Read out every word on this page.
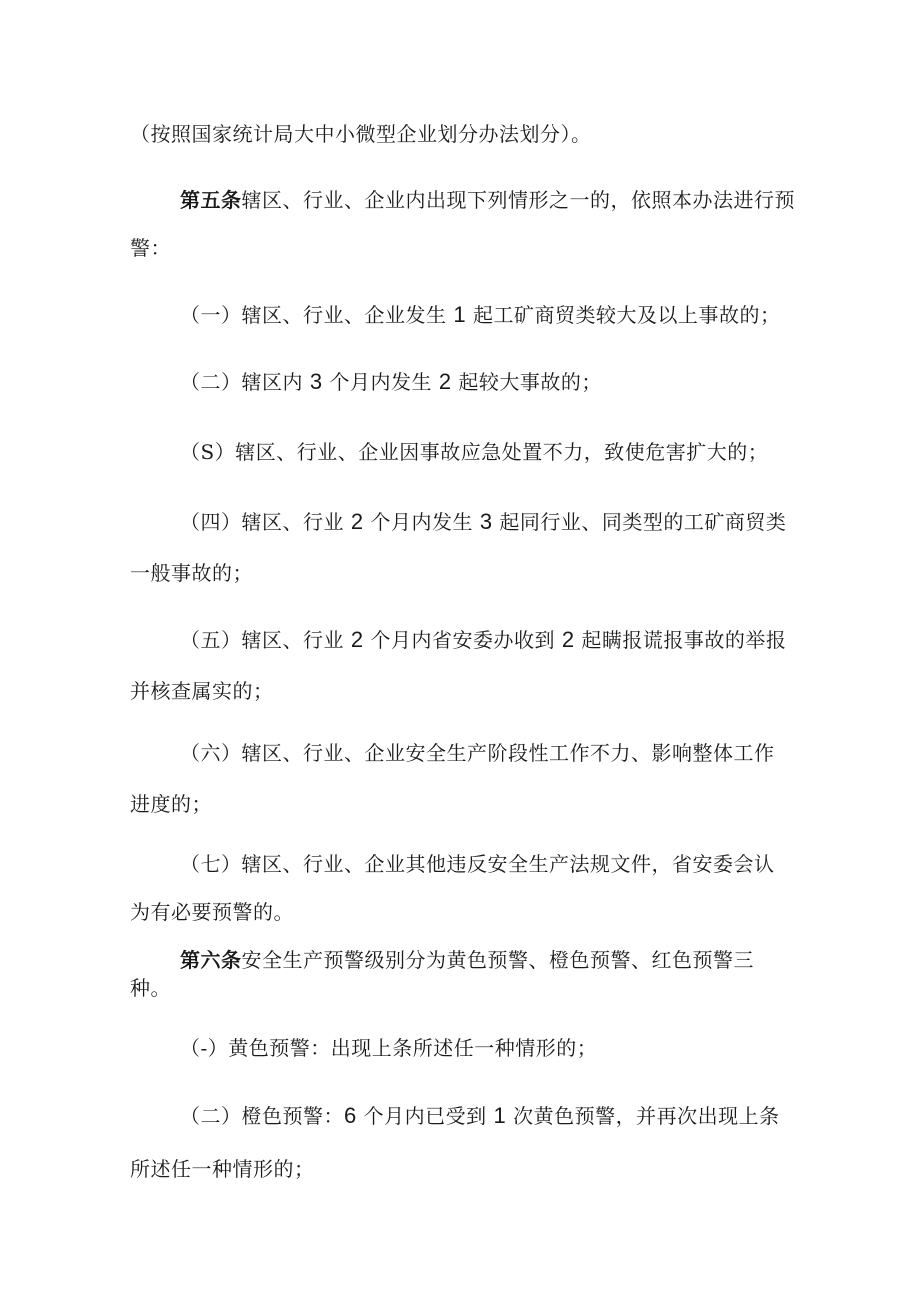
（按照国家统计局大中小微型企业划分办法划分）。

第五条辖区、行业、企业内出现下列情形之一的，依照本办法进行预

警：

（一）辖区、行业、企业发生 1 起工矿商贸类较大及以上事故的；

（二）辖区内 3 个月内发生 2 起较大事故的；

（S）辖区、行业、企业因事故应急处置不力，致使危害扩大的；

（四）辖区、行业 2 个月内发生 3 起同行业、同类型的工矿商贸类

一般事故的；

（五）辖区、行业 2 个月内省安委办收到 2 起瞒报谎报事故的举报

并核查属实的；

（六）辖区、行业、企业安全生产阶段性工作不力、影响整体工作

进度的；

（七）辖区、行业、企业其他违反安全生产法规文件，省安委会认

为有必要预警的。

第六条安全生产预警级别分为黄色预警、橙色预警、红色预警三

种。

（-）黄色预警：出现上条所述任一种情形的；

（二）橙色预警：6 个月内已受到 1 次黄色预警，并再次出现上条

所述任一种情形的；
